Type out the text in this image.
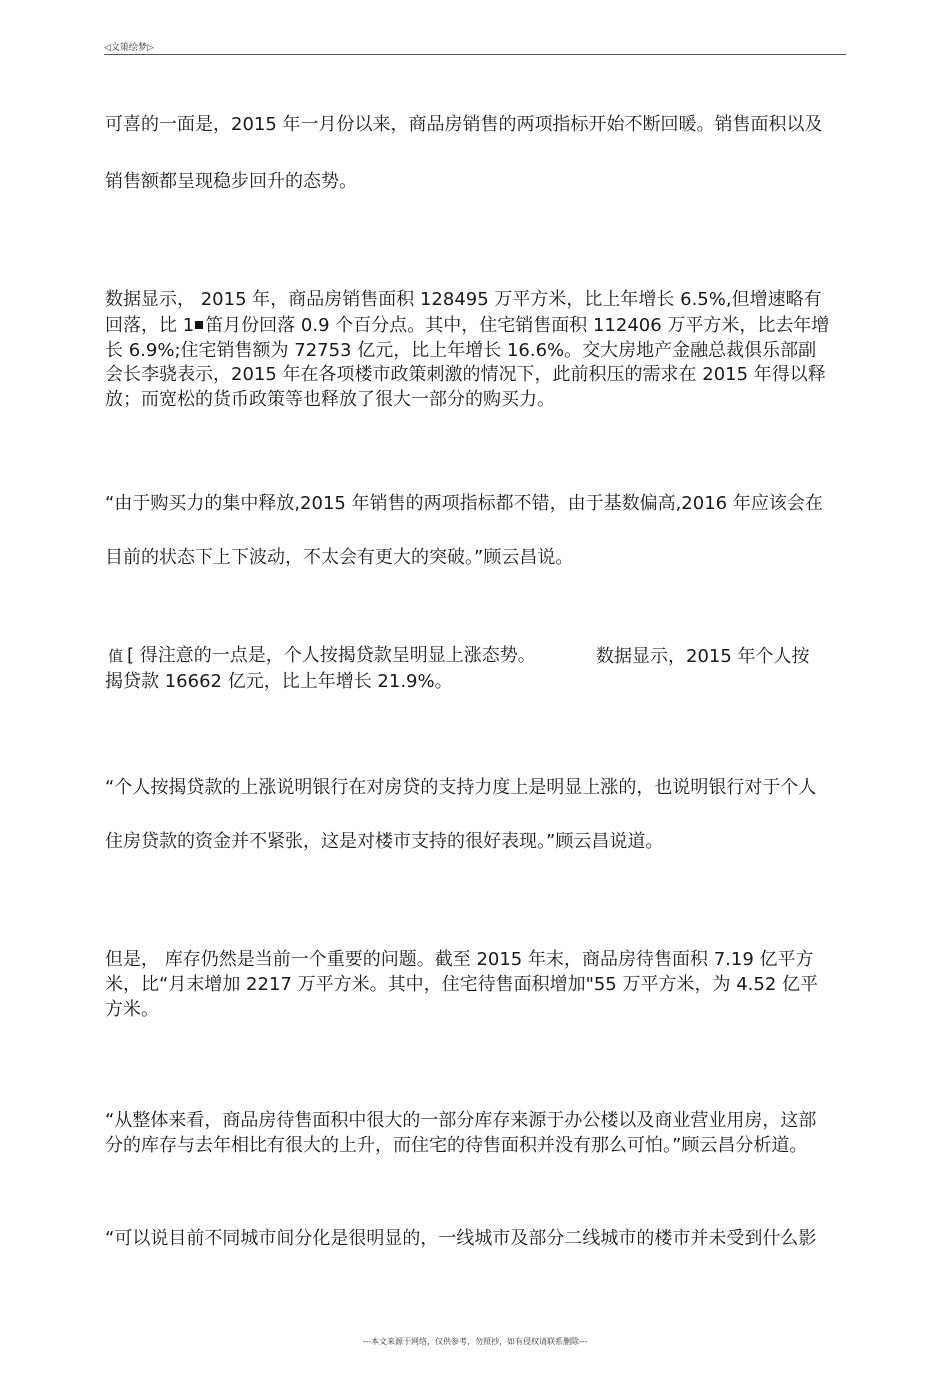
◁文策绘梦▷
可喜的一面是，2015 年一月份以来，商品房销售的两项指标开始不断回暖。销售面积以及
销售额都呈现稳步回升的态势。
数据显示， 2015 年，商品房销售面积 128495 万平方米，比上年增长 6.5%,但增速略有
回落，比 1 笛月份回落 0.9 个百分点。其中，住宅销售面积 112406 万平方米，比去年增
长 6.9%;住宅销售额为 72753 亿元，比上年增长 16.6%。交大房地产金融总裁俱乐部副
会长李骁表示，2015 年在各项楼市政策刺激的情况下，此前积压的需求在 2015 年得以释
放；而宽松的货币政策等也释放了很大一部分的购买力。
“由于购买力的集中释放,2015 年销售的两项指标都不错，由于基数偏高,2016 年应该会在
目前的状态下上下波动，不太会有更大的突破。”顾云昌说。
值 [ 得注意的一点是，个人按揭贷款呈明显上涨态势。	数据显示，2015 年个人按
揭贷款 16662 亿元，比上年增长 21.9%。
“个人按揭贷款的上涨说明银行在对房贷的支持力度上是明显上涨的，也说明银行对于个人
住房贷款的资金并不紧张，这是对楼市支持的很好表现。”顾云昌说道。
但是， 库存仍然是当前一个重要的问题。截至 2015 年末，商品房待售面积 7.19 亿平方
米，比“月末增加 2217 万平方米。其中，住宅待售面积增加"55 万平方米，为 4.52 亿平
方米。
“从整体来看，商品房待售面积中很大的一部分库存来源于办公楼以及商业营业用房，这部
分的库存与去年相比有很大的上升，而住宅的待售面积并没有那么可怕。”顾云昌分析道。
“可以说目前不同城市间分化是很明显的，一线城市及部分二线城市的楼市并未受到什么影
---本文来源于网络，仅供参考，勿照抄，如有侵权请联系删除---
